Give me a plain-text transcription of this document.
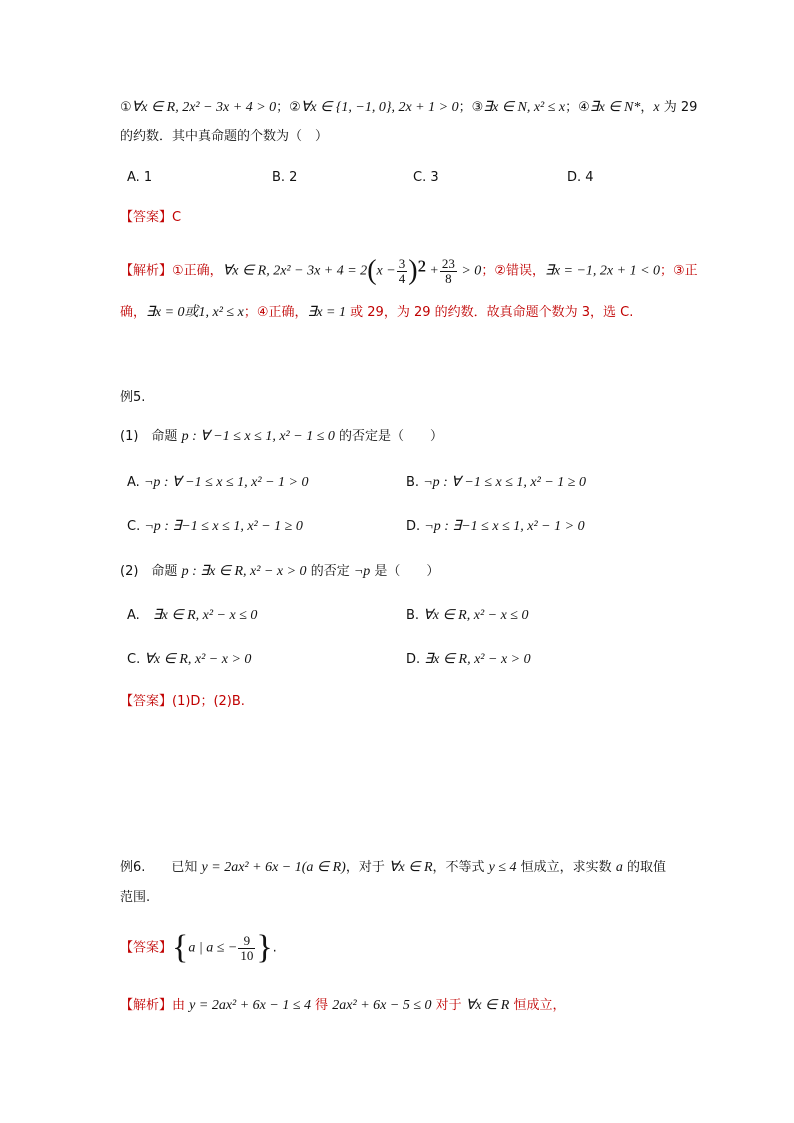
①∀x ∈ R, 2x² − 3x + 4 > 0；②∀x ∈ {1, −1, 0}, 2x + 1 > 0；③∃x ∈ N, x² ≤ x；④∃x ∈ N*，x 为 29
的约数．其中真命题的个数为（　）
A. 1	B. 2	C. 3	D. 4
【答案】C
【解析】①正确，∀x ∈ R, $2x^2 - 3x + 4 = 2(x - \frac{3}{4} )^2 + \frac{23}{8} > 0$；②错误，∃x = −1, 2x + 1 < 0；③正
确，∃x = 0或1, x² ≤ x；④正确，∃x = 1 或 29，为 29 的约数．故真命题个数为 3，选 C.
例5.
(1)　命题 p : ∀ −1 ≤ x ≤ 1, x² − 1 ≤ 0 的否定是（　　）
A. ¬p : ∀ −1 ≤ x ≤ 1, x² − 1 > 0	B. ¬p : ∀ −1 ≤ x ≤ 1, x² − 1 ≥ 0
C. ¬p : ∃−1 ≤ x ≤ 1, x² − 1 ≥ 0	D. ¬p : ∃−1 ≤ x ≤ 1, x² − 1 > 0
(2)　命题 p : ∃x ∈ R, x² − x > 0 的否定 ¬p 是（　　）
A.　∃x ∈ R, x² − x ≤ 0	B. ∀x ∈ R, x² − x ≤ 0
C. ∀x ∈ R, x² − x > 0	D. ∃x ∈ R, x² − x > 0
【答案】(1)D；(2)B.
例6. 已知 y = 2ax² + 6x − 1(a ∈ R)，对于 ∀x ∈ R，不等式 y ≤ 4 恒成立，求实数 a 的取值
范围.
【答案】{a | a ≤ − $\frac{9}{10}$ }.
【解析】由 y = 2ax² + 6x − 1 ≤ 4 得 2ax² + 6x − 5 ≤ 0 对于 ∀x ∈ R 恒成立，
